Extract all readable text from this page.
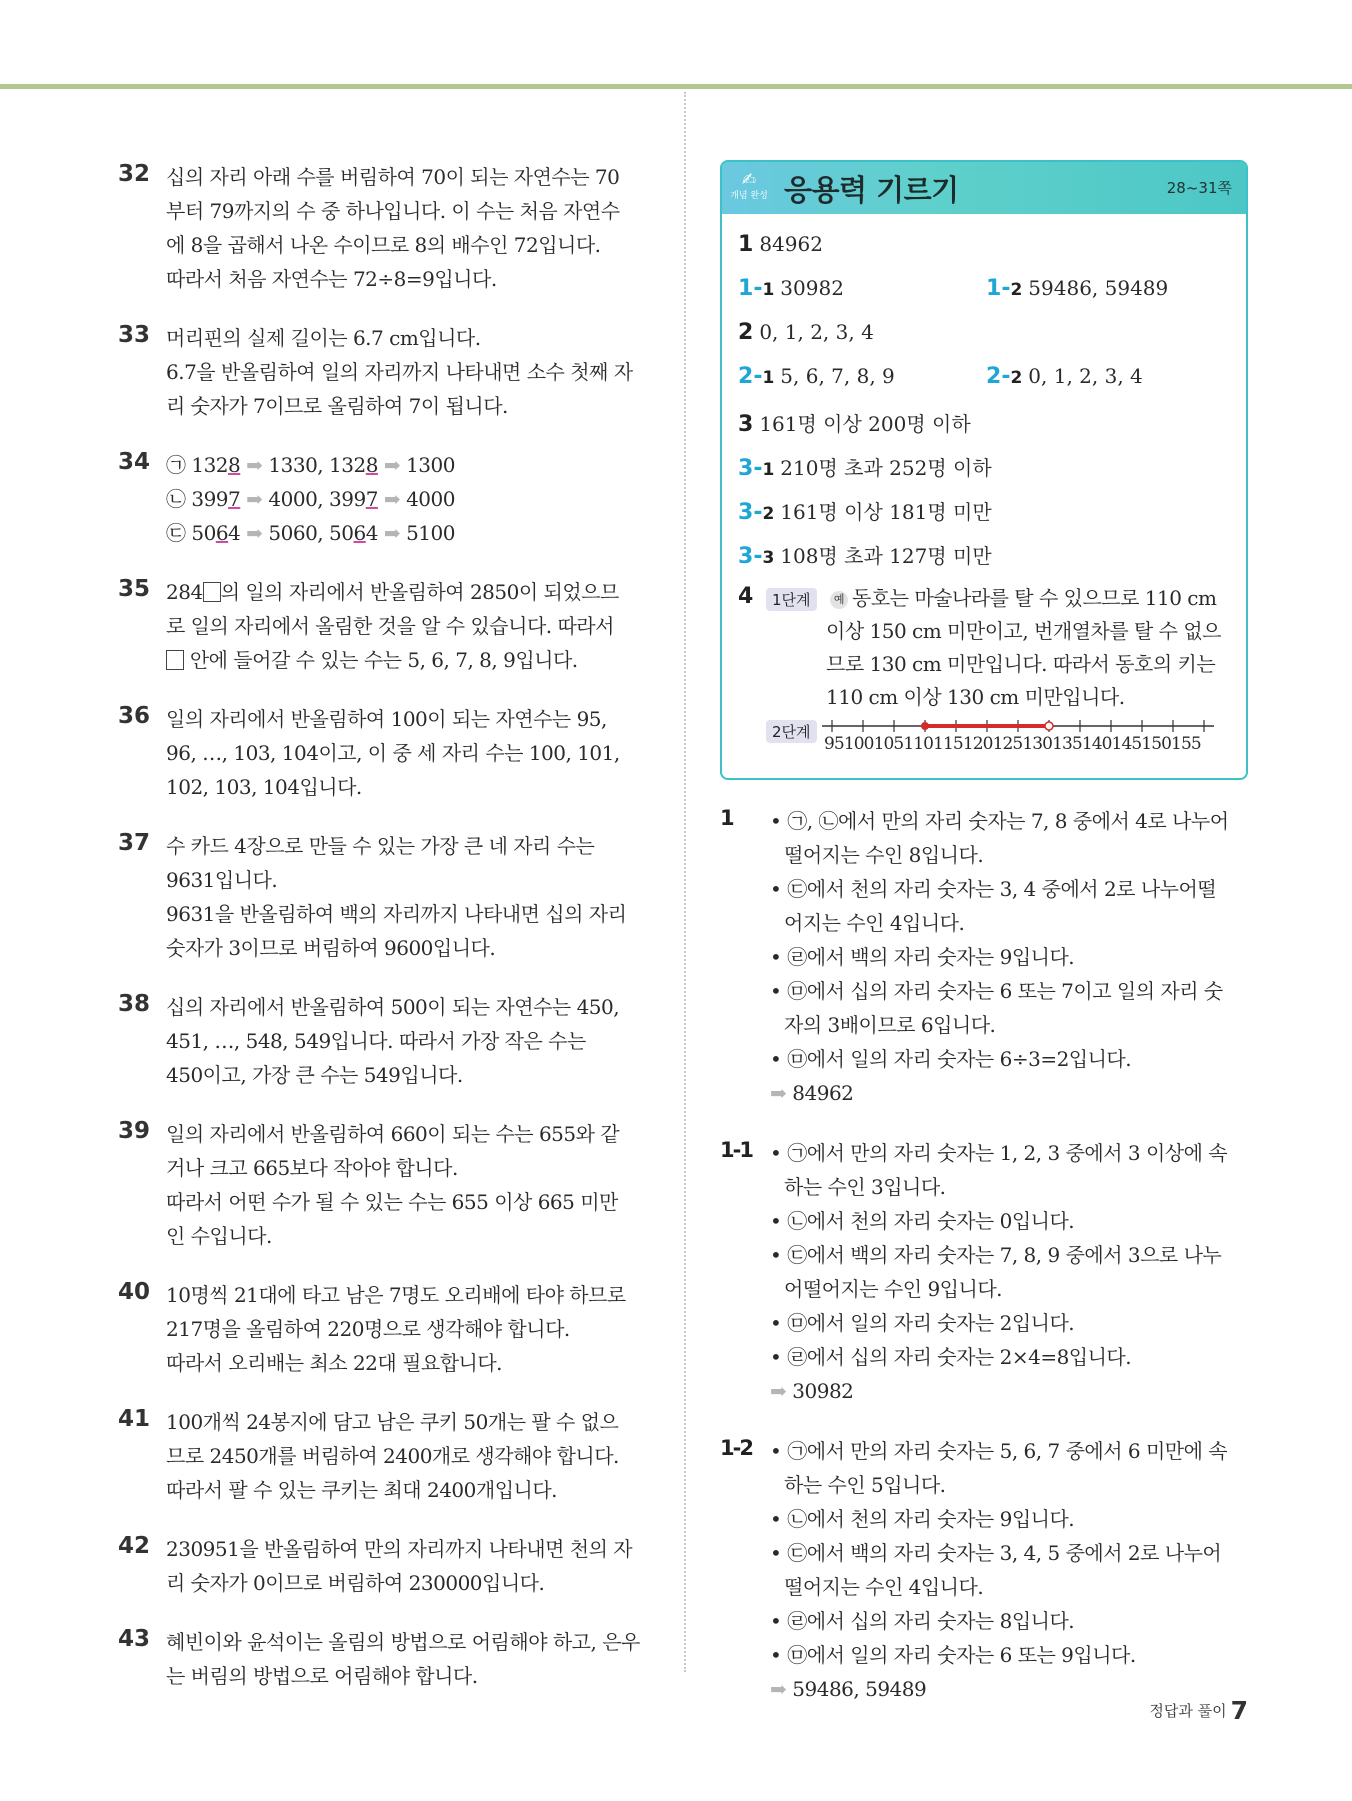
32 십의 자리 아래 수를 버림하여 70이 되는 자연수는 70
부터 79까지의 수 중 하나입니다. 이 수는 처음 자연수
에 8을 곱해서 나온 수이므로 8의 배수인 72입니다.
따라서 처음 자연수는 72÷8=9입니다.
33 머리핀의 실제 길이는 6.7 cm입니다.
6.7을 반올림하여 일의 자리까지 나타내면 소수 첫째 자
리 숫자가 7이므로 올림하여 7이 됩니다.
34 ㉠ 1328 ➡ 1330, 1328 ➡ 1300
㉡ 3997 ➡ 4000, 3997 ➡ 4000
㉢ 5064 ➡ 5060, 5064 ➡ 5100
35 284 의 일의 자리에서 반올림하여 2850이 되었으므
로 일의 자리에서 올림한 것을 알 수 있습니다. 따라서
안에 들어갈 수 있는 수는 5, 6, 7, 8, 9입니다.
36 일의 자리에서 반올림하여 100이 되는 자연수는 95,
96, …, 103, 104이고, 이 중 세 자리 수는 100, 101,
102, 103, 104입니다.
37 수 카드 4장으로 만들 수 있는 가장 큰 네 자리 수는
9631입니다.
9631을 반올림하여 백의 자리까지 나타내면 십의 자리
숫자가 3이므로 버림하여 9600입니다.
38 십의 자리에서 반올림하여 500이 되는 자연수는 450,
451, …, 548, 549입니다. 따라서 가장 작은 수는
450이고, 가장 큰 수는 549입니다.
39 일의 자리에서 반올림하여 660이 되는 수는 655와 같
거나 크고 665보다 작아야 합니다.
따라서 어떤 수가 될 수 있는 수는 655 이상 665 미만
인 수입니다.
40 10명씩 21대에 타고 남은 7명도 오리배에 타야 하므로
217명을 올림하여 220명으로 생각해야 합니다.
따라서 오리배는 최소 22대 필요합니다.
41 100개씩 24봉지에 담고 남은 쿠키 50개는 팔 수 없으
므로 2450개를 버림하여 2400개로 생각해야 합니다.
따라서 팔 수 있는 쿠키는 최대 2400개입니다.
42 230951을 반올림하여 만의 자리까지 나타내면 천의 자
리 숫자가 0이므로 버림하여 230000입니다.
43 혜빈이와 윤석이는 올림의 방법으로 어림해야 하고, 은우
는 버림의 방법으로 어림해야 합니다.
✍
개념 완성 응용력 기르기	28~31쪽
1 84962
1-1 30982	1-2 59486, 59489
2 0, 1, 2, 3, 4
2-1 5, 6, 7, 8, 9	2-2 0, 1, 2, 3, 4
3 161명 이상 200명 이하
3-1 210명 초과 252명 이하
3-2 161명 이상 181명 미만
3-3 108명 초과 127명 미만
4	1단계	예 동호는 마술나라를 탈 수 있으므로 110 cm
이상 150 cm 미만이고, 번개열차를 탈 수 없으
므로 130 cm 미만입니다. 따라서 동호의 키는
110 cm 이상 130 cm 미만입니다.
2단계
95100105110115120125130135140145150155
1 • ㉠, ㉡에서 만의 자리 숫자는 7, 8 중에서 4로 나누어
떨어지는 수인 8입니다.
• ㉢에서 천의 자리 숫자는 3, 4 중에서 2로 나누어떨
어지는 수인 4입니다.
• ㉣에서 백의 자리 숫자는 9입니다.
• ㉤에서 십의 자리 숫자는 6 또는 7이고 일의 자리 숫
자의 3배이므로 6입니다.
• ㉤에서 일의 자리 숫자는 6÷3=2입니다.
➡ 84962
1-1 • ㉠에서 만의 자리 숫자는 1, 2, 3 중에서 3 이상에 속
하는 수인 3입니다.
• ㉡에서 천의 자리 숫자는 0입니다.
• ㉢에서 백의 자리 숫자는 7, 8, 9 중에서 3으로 나누
어떨어지는 수인 9입니다.
• ㉤에서 일의 자리 숫자는 2입니다.
• ㉣에서 십의 자리 숫자는 2×4=8입니다.
➡ 30982
1-2 • ㉠에서 만의 자리 숫자는 5, 6, 7 중에서 6 미만에 속
하는 수인 5입니다.
• ㉡에서 천의 자리 숫자는 9입니다.
• ㉢에서 백의 자리 숫자는 3, 4, 5 중에서 2로 나누어
떨어지는 수인 4입니다.
• ㉣에서 십의 자리 숫자는 8입니다.
• ㉤에서 일의 자리 숫자는 6 또는 9입니다.
➡ 59486, 59489
정답과 풀이 7
